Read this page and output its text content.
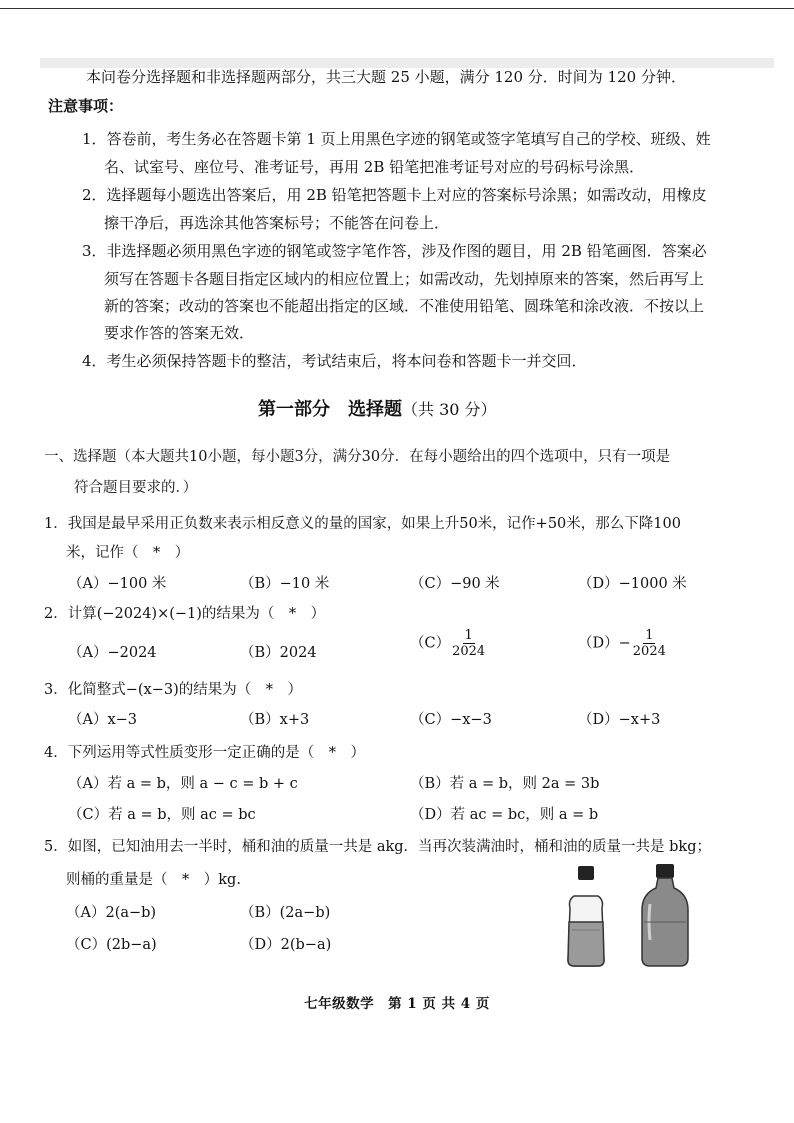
本问卷分选择题和非选择题两部分，共三大题 25 小题，满分 120 分．时间为 120 分钟．
注意事项：
1．答卷前，考生务必在答题卡第 1 页上用黑色字迹的钢笔或签字笔填写自己的学校、班级、姓
名、试室号、座位号、准考证号，再用 2B 铅笔把准考证号对应的号码标号涂黑．
2．选择题每小题选出答案后，用 2B 铅笔把答题卡上对应的答案标号涂黑；如需改动，用橡皮
擦干净后，再选涂其他答案标号；不能答在问卷上．
3．非选择题必须用黑色字迹的钢笔或签字笔作答，涉及作图的题目，用 2B 铅笔画图．答案必
须写在答题卡各题目指定区域内的相应位置上；如需改动，先划掉原来的答案，然后再写上
新的答案；改动的答案也不能超出指定的区域．不准使用铅笔、圆珠笔和涂改液．不按以上
要求作答的答案无效．
4．考生必须保持答题卡的整洁，考试结束后，将本问卷和答题卡一并交回．
第一部分　选择题（共 30 分）
一、选择题（本大题共10小题，每小题3分，满分30分．在每小题给出的四个选项中，只有一项是
符合题目要求的．）
1．我国是最早采用正负数来表示相反意义的量的国家，如果上升50米，记作+50米，那么下降100
米，记作（　*　）
（A）−100 米	（B）−10 米	（C）−90 米	（D）−1000 米
2．计算(−2024)×(−1)的结果为（　*　）
（A）−2024	（B）2024
$(C) \frac{1}{2024}$	$(D)- \frac{1}{2024}$
3．化简整式−(x−3)的结果为（　*　）
（A）x−3	（B）x+3	（C）−x−3	（D）−x+3
4．下列运用等式性质变形一定正确的是（　*　）
（A）若 a = b，则 a − c = b + c	（B）若 a = b，则 2a = 3b
（C）若 a = b，则 ac = bc	（D）若 ac = bc，则 a = b
5．如图，已知油用去一半时，桶和油的质量一共是 akg．当再次装满油时，桶和油的质量一共是 bkg；
则桶的重量是（　*　）kg.
（A）2(a−b)	（B）(2a−b)
（C）(2b−a)	（D）2(b−a)
七年级数学　第 1 页 共 4 页
